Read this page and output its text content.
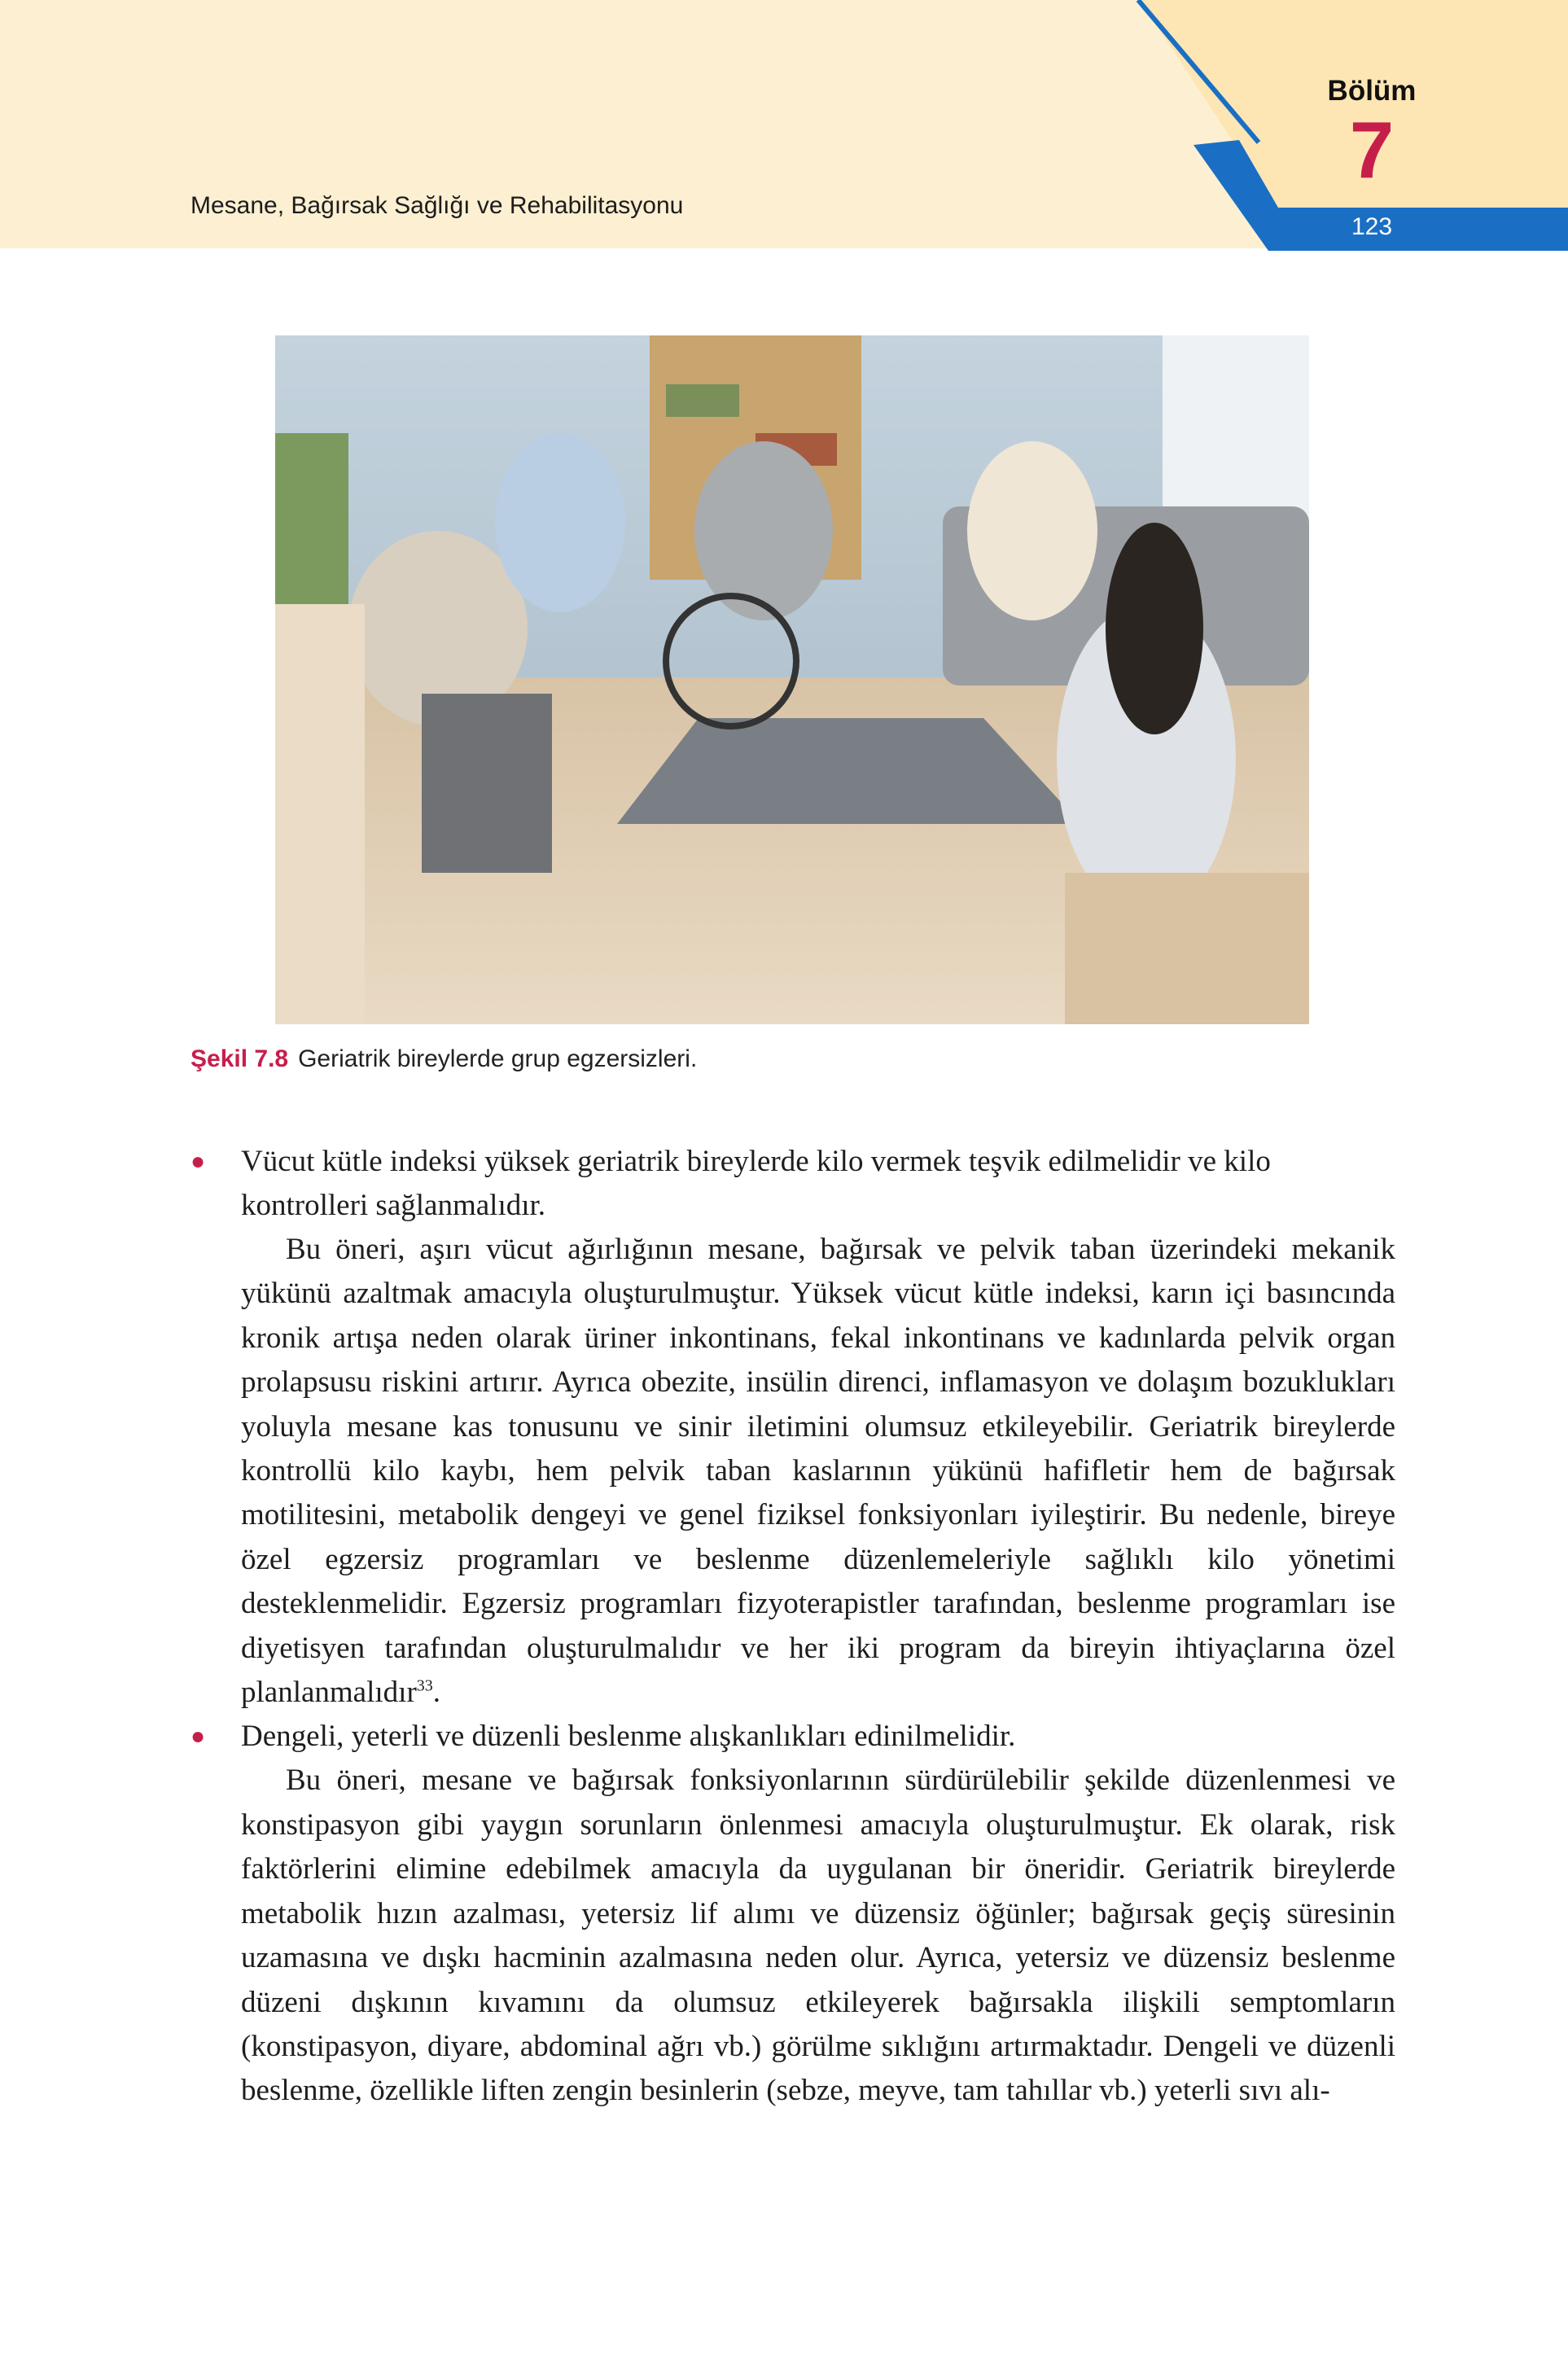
Mesane, Bağırsak Sağlığı ve Rehabilitasyonu
Bölüm
7
123
Şekil 7.8 Geriatrik bireylerde grup egzersizleri.
● Vücut kütle indeksi yüksek geriatrik bireylerde kilo vermek teşvik edilmelidir ve kilo kontrolleri sağlanmalıdır.
Bu öneri, aşırı vücut ağırlığının mesane, bağırsak ve pelvik taban üzerindeki mekanik yükünü azaltmak amacıyla oluşturulmuştur. Yüksek vücut kütle indeksi, karın içi basıncında kronik artışa neden olarak üriner inkontinans, fekal inkontinans ve kadınlarda pelvik organ prolapsusu riskini artırır. Ayrıca obezite, insülin direnci, inflamasyon ve dolaşım bozuklukları yoluyla mesane kas tonusunu ve sinir iletimini olumsuz etkileyebilir. Geriatrik bireylerde kontrollü kilo kaybı, hem pelvik taban kaslarının yükünü hafifletir hem de bağırsak motilitesini, metabolik dengeyi ve genel fiziksel fonksiyonları iyileştirir. Bu nedenle, bireye özel egzersiz programları ve beslenme düzenlemeleriyle sağlıklı kilo yönetimi desteklenmelidir. Egzersiz programları fizyoterapistler tarafından, beslenme programları ise diyetisyen tarafından oluşturulmalıdır ve her iki program da bireyin ihtiyaçlarına özel planlanmalıdır$^{33}$.
● Dengeli, yeterli ve düzenli beslenme alışkanlıkları edinilmelidir.
Bu öneri, mesane ve bağırsak fonksiyonlarının sürdürülebilir şekilde düzenlenmesi ve konstipasyon gibi yaygın sorunların önlenmesi amacıyla oluşturulmuştur. Ek olarak, risk faktörlerini elimine edebilmek amacıyla da uygulanan bir öneridir. Geriatrik bireylerde metabolik hızın azalması, yetersiz lif alımı ve düzensiz öğünler; bağırsak geçiş süresinin uzamasına ve dışkı hacminin azalmasına neden olur. Ayrıca, yetersiz ve düzensiz beslenme düzeni dışkının kıvamını da olumsuz etkileyerek bağırsakla ilişkili semptomların (konstipasyon, diyare, abdominal ağrı vb.) görülme sıklığını artırmaktadır. Dengeli ve düzenli beslenme, özellikle liften zengin besinlerin (sebze, meyve, tam tahıllar vb.) yeterli sıvı alı-
